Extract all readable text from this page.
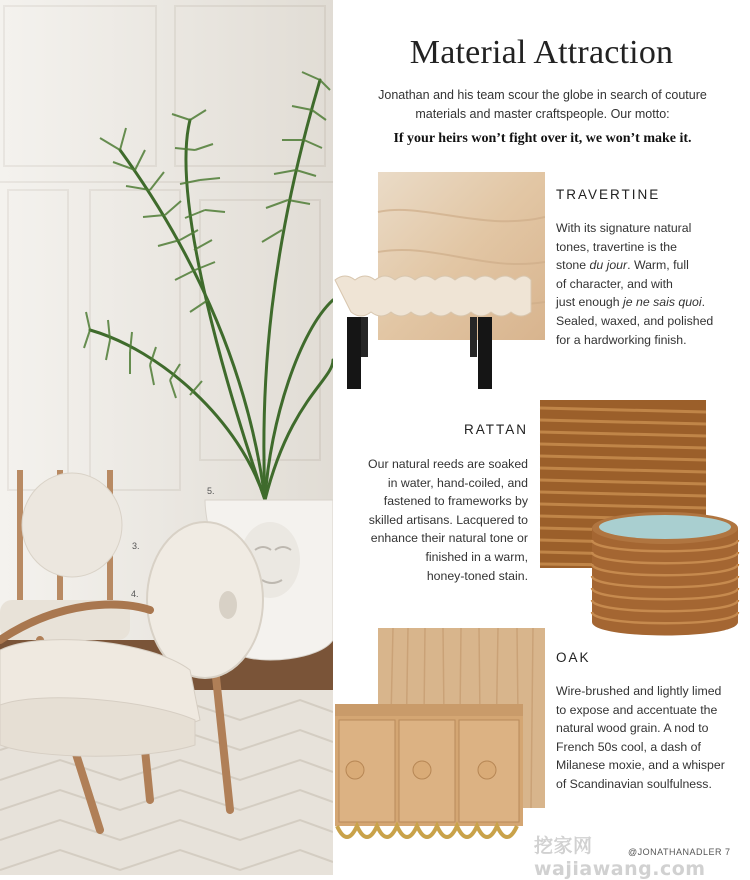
5.
3.
4.
Material Attraction
Jonathan and his team scour the globe in search of couture materials and master craftspeople. Our motto:
If your heirs won’t fight over it, we won’t make it.
TRAVERTINE
With its signature natural
tones, travertine is the
stone du jour. Warm, full
of character, and with
just enough je ne sais quoi.
Sealed, waxed, and polished
for a hardworking finish.
RATTAN
Our natural reeds are soaked
in water, hand-coiled, and
fastened to frameworks by
skilled artisans. Lacquered to
enhance their natural tone or
finished in a warm,
honey-toned stain.
OAK
Wire-brushed and lightly limed
to expose and accentuate the
natural wood grain. A nod to
French 50s cool, a dash of
Milanese moxie, and a whisper
of Scandinavian soulfulness.
挖家网 wajiawang.com
@JONATHANADLER 7
